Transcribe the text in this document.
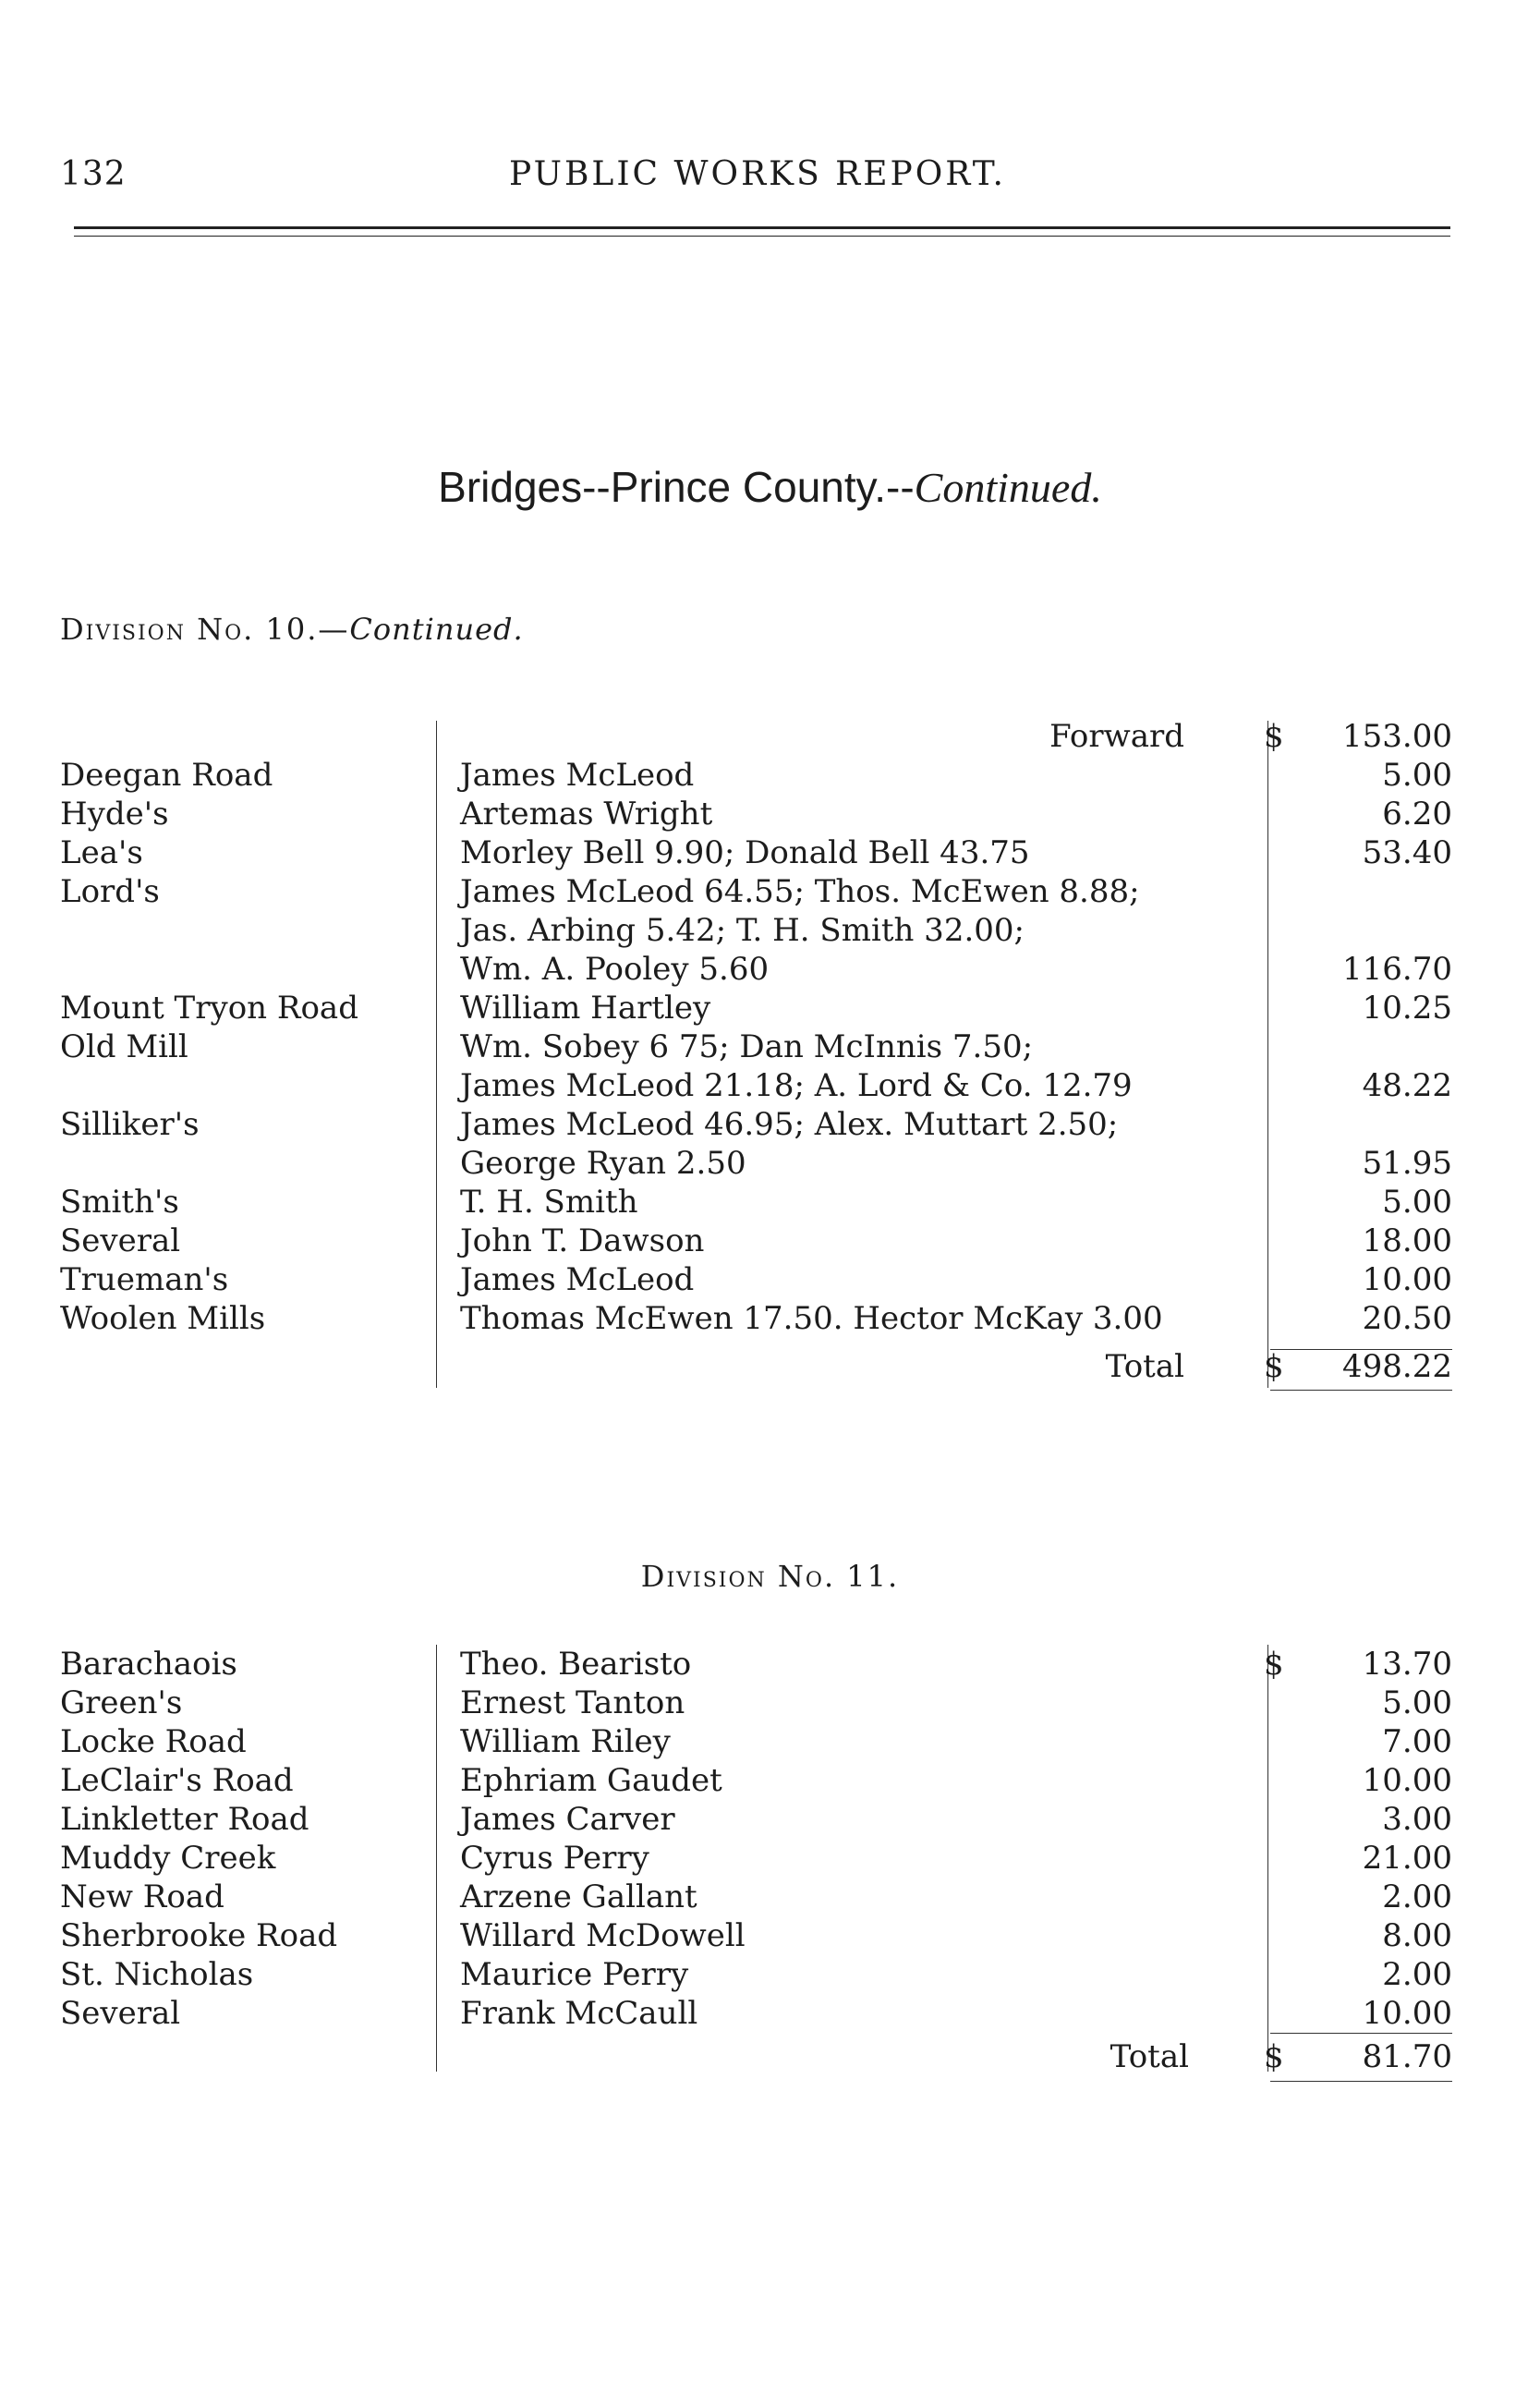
132	PUBLIC WORKS REPORT.
Bridges--Prince County.--Continued.
Division No. 10.—Continued.
Forward	$ 153.00
Deegan Road	James McLeod	5.00
Hyde's	Artemas Wright	6.20
Lea's	Morley Bell 9.90; Donald Bell 43.75	53.40
Lord's	James McLeod 64.55; Thos. McEwen 8.88;
Jas. Arbing 5.42; T. H. Smith 32.00;
Wm. A. Pooley 5.60	116.70
Mount Tryon Road	William Hartley	10.25
Old Mill	Wm. Sobey 6 75; Dan McInnis 7.50;
James McLeod 21.18; A. Lord & Co. 12.79	48.22
Silliker's	James McLeod 46.95; Alex. Muttart 2.50;
George Ryan 2.50	51.95
Smith's	T. H. Smith	5.00
Several	John T. Dawson	18.00
Trueman's	James McLeod	10.00
Woolen Mills	Thomas McEwen 17.50. Hector McKay 3.00	20.50
Total	$ 498.22
Division No. 11.
Barachaois	Theo. Bearisto	$	13.70
Green's	Ernest Tanton	5.00
Locke Road	William Riley	7.00
LeClair's Road	Ephriam Gaudet	10.00
Linkletter Road	James Carver	3.00
Muddy Creek	Cyrus Perry	21.00
New Road	Arzene Gallant	2.00
Sherbrooke Road	Willard McDowell	8.00
St. Nicholas	Maurice Perry	2.00
Several	Frank McCaull	10.00
Total $	81.70
